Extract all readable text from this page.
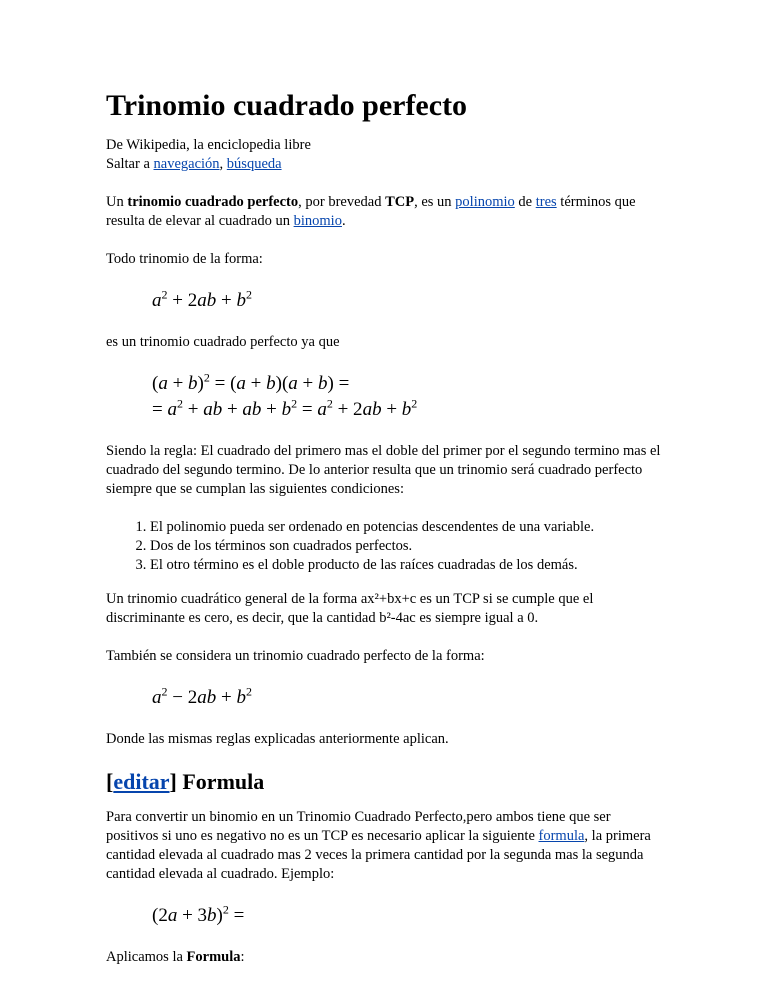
Trinomio cuadrado perfecto
De Wikipedia, la enciclopedia libre
Saltar a navegación, búsqueda

Un trinomio cuadrado perfecto, por brevedad TCP, es un polinomio de tres términos que resulta de elevar al cuadrado un binomio.

Todo trinomio de la forma:

$a^2 + 2ab + b^2$

es un trinomio cuadrado perfecto ya que

$(a + b)^2 = (a + b)(a + b)$ =
= $a^2$ + ab + ab + $b^2 = a^2 + 2ab + b^2$

Siendo la regla: El cuadrado del primero mas el doble del primer por el segundo termino mas el cuadrado del segundo termino. De lo anterior resulta que un trinomio será cuadrado perfecto siempre que se cumplan las siguientes condiciones:

1. El polinomio pueda ser ordenado en potencias descendentes de una variable.
2. Dos de los términos son cuadrados perfectos.
3. El otro término es el doble producto de las raíces cuadradas de los demás.

Un trinomio cuadrático general de la forma ax²+bx+c es un TCP si se cumple que el discriminante es cero, es decir, que la cantidad b²-4ac es siempre igual a 0.

También se considera un trinomio cuadrado perfecto de la forma:

$a^2 - 2ab + b^2$

Donde las mismas reglas explicadas anteriormente aplican.

[editar] Formula

Para convertir un binomio en un Trinomio Cuadrado Perfecto,pero ambos tiene que ser positivos si uno es negativo no es un TCP es necesario aplicar la siguiente formula, la primera cantidad elevada al cuadrado mas 2 veces la primera cantidad por la segunda mas la segunda cantidad elevada al cuadrado. Ejemplo:

$(2a + 3b)^2$ =

Aplicamos la Formula:
